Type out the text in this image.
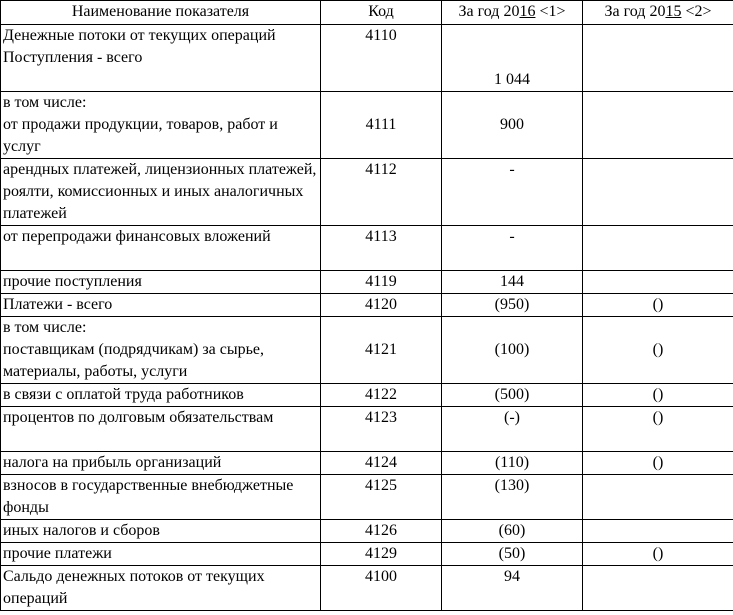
Наименование показателя	Код	За год 2016 <1>	За год 2015 <2>

Денежные потоки от текущих операций
Поступления - всего	4110	1 044	

в том числе:
от продажи продукции, товаров, работ и услуг	4111	900	

арендных платежей, лицензионных платежей, роялти, комиссионных и иных аналогичных платежей	4112	-	

от перепродажи финансовых вложений	4113	-	

прочие поступления	4119	144	

Платежи - всего	4120	(950)	()

в том числе:
поставщикам (подрядчикам) за сырье, материалы, работы, услуги	4121	(100)	()

в связи с оплатой труда работников	4122	(500)	()

процентов по долговым обязательствам	4123	(-)	()

налога на прибыль организаций	4124	(110)	()

взносов в государственные внебюджетные фонды	4125	(130)	

иных налогов и сборов	4126	(60)	

прочие платежи	4129	(50)	()

Сальдо денежных потоков от текущих операций	4100	94	
